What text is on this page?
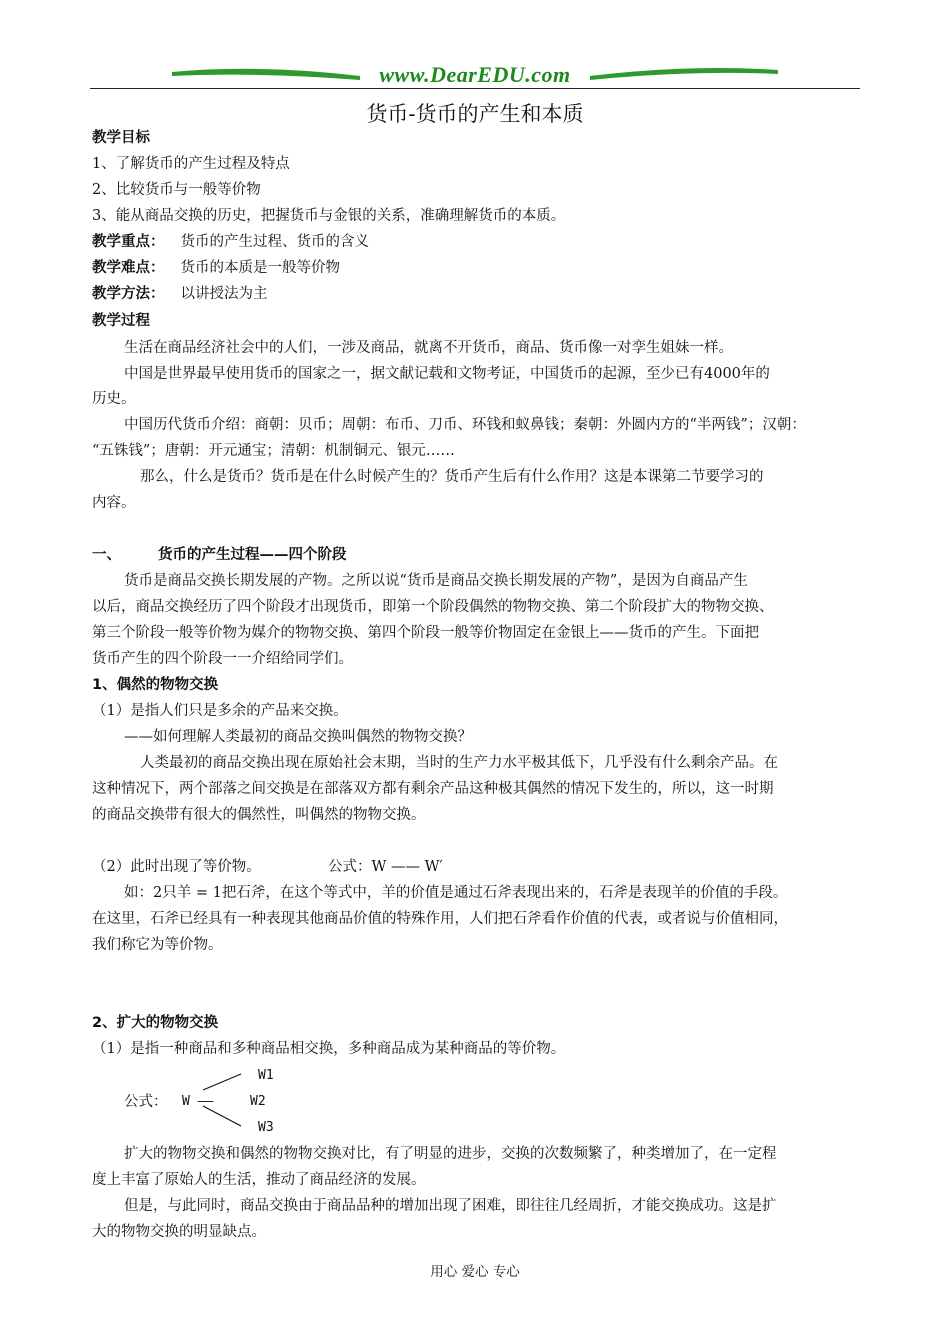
www.DearEDU.com
货币-货币的产生和本质
教学目标
1、了解货币的产生过程及特点
2、比较货币与一般等价物
3、能从商品交换的历史，把握货币与金银的关系，准确理解货币的本质。
教学重点： 货币的产生过程、货币的含义
教学难点： 货币的本质是一般等价物
教学方法： 以讲授法为主
教学过程
生活在商品经济社会中的人们，一涉及商品，就离不开货币，商品、货币像一对孪生姐妹一样。
中国是世界最早使用货币的国家之一，据文献记载和文物考证，中国货币的起源，至少已有4000年的
历史。
中国历代货币介绍：商朝：贝币；周朝：布币、刀币、环钱和蚁鼻钱；秦朝：外圆内方的“半两钱”；汉朝：
“五铢钱”；唐朝：开元通宝；清朝：机制铜元、银元……
那么，什么是货币？货币是在什么时候产生的？货币产生后有什么作用？这是本课第二节要学习的
内容。
一、	货币的产生过程——四个阶段
货币是商品交换长期发展的产物。之所以说“货币是商品交换长期发展的产物”，是因为自商品产生
以后，商品交换经历了四个阶段才出现货币，即第一个阶段偶然的物物交换、第二个阶段扩大的物物交换、
第三个阶段一般等价物为媒介的物物交换、第四个阶段一般等价物固定在金银上——货币的产生。下面把
货币产生的四个阶段一一介绍给同学们。
1、偶然的物物交换
（1）是指人们只是多余的产品来交换。
——如何理解人类最初的商品交换叫偶然的物物交换？
人类最初的商品交换出现在原始社会末期，当时的生产力水平极其低下，几乎没有什么剩余产品。在
这种情况下，两个部落之间交换是在部落双方都有剩余产品这种极其偶然的情况下发生的，所以，这一时期
的商品交换带有很大的偶然性，叫偶然的物物交换。
（2）此时出现了等价物。	公式：W —— W′
如：2只羊 = 1把石斧，在这个等式中，羊的价值是通过石斧表现出来的，石斧是表现羊的价值的手段。
在这里，石斧已经具有一种表现其他商品价值的特殊作用，人们把石斧看作价值的代表，或者说与价值相同，
我们称它为等价物。
2、扩大的物物交换
（1）是指一种商品和多种商品相交换，多种商品成为某种商品的等价物。
公式： W ——
W1
W2
W3
扩大的物物交换和偶然的物物交换对比，有了明显的进步，交换的次数频繁了，种类增加了，在一定程
度上丰富了原始人的生活，推动了商品经济的发展。
但是，与此同时，商品交换由于商品品种的增加出现了困难，即往往几经周折，才能交换成功。这是扩
大的物物交换的明显缺点。
用心 爱心 专心
